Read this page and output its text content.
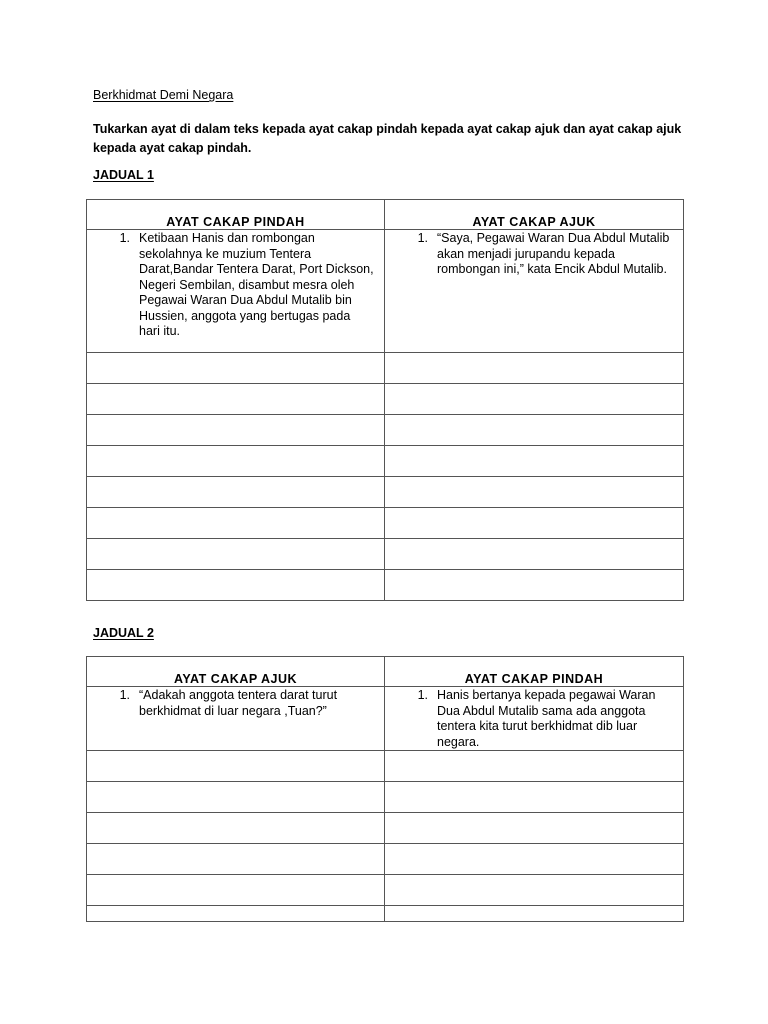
Berkhidmat Demi Negara
Tukarkan ayat di dalam teks kepada ayat cakap pindah kepada ayat cakap ajuk dan ayat cakap ajuk kepada ayat cakap pindah.
JADUAL 1
AYAT CAKAP PINDAH	AYAT CAKAP AJUK

1. Ketibaan Hanis dan rombongan sekolahnya ke muzium Tentera Darat,Bandar Tentera Darat, Port Dickson, Negeri Sembilan, disambut mesra oleh Pegawai Waran Dua Abdul Mutalib bin Hussien, anggota yang bertugas pada hari itu.	1. “Saya, Pegawai Waran Dua Abdul Mutalib akan menjadi jurupandu kepada rombongan ini,” kata Encik Abdul Mutalib.

JADUAL 2
AYAT CAKAP AJUK	AYAT CAKAP PINDAH

1. “Adakah anggota tentera darat turut berkhidmat di luar negara ,Tuan?”	1. Hanis bertanya kepada pegawai Waran Dua Abdul Mutalib sama ada anggota tentera kita turut berkhidmat dib luar negara.
